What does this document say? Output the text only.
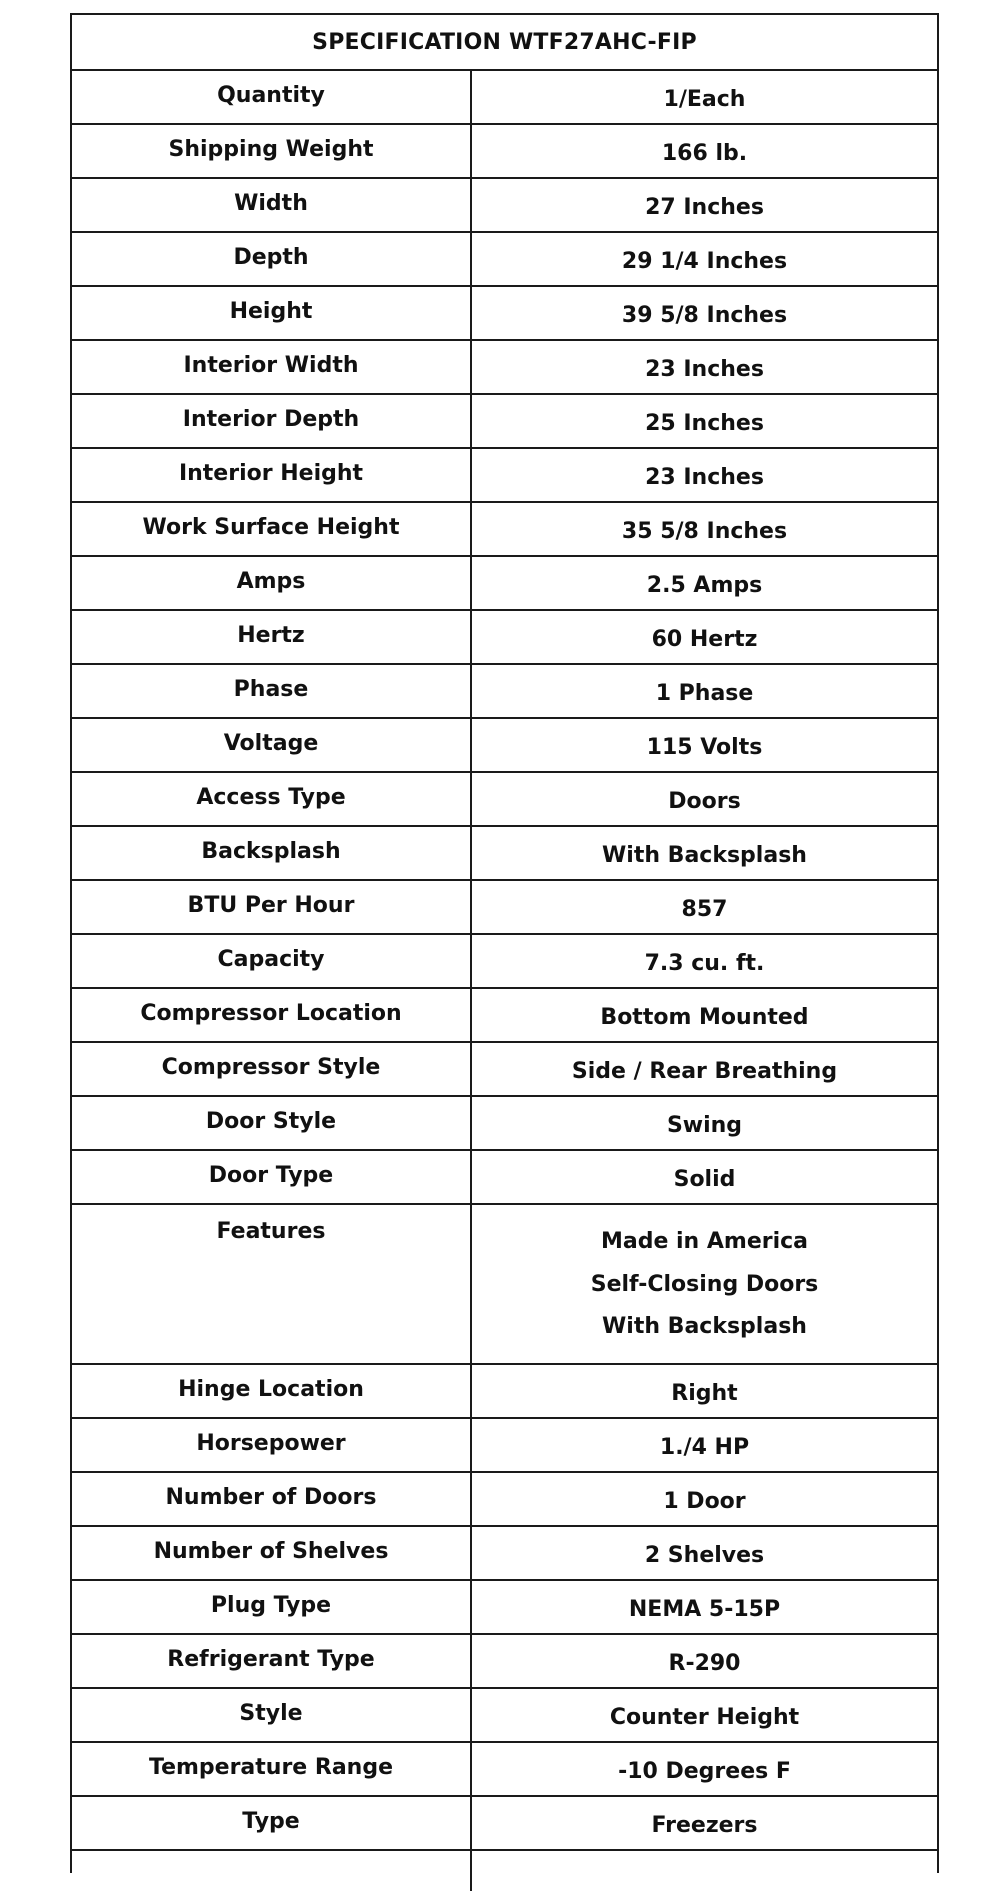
SPECIFICATION WTF27AHC-FIP
Quantity	1/Each
Shipping Weight	166 lb.
Width	27 Inches
Depth	29 1/4 Inches
Height	39 5/8 Inches
Interior Width	23 Inches
Interior Depth	25 Inches
Interior Height	23 Inches
Work Surface Height	35 5/8 Inches
Amps	2.5 Amps
Hertz	60 Hertz
Phase	1 Phase
Voltage	115 Volts
Access Type	Doors
Backsplash	With Backsplash
BTU Per Hour	857
Capacity	7.3 cu. ft.
Compressor Location	Bottom Mounted
Compressor Style	Side / Rear Breathing
Door Style	Swing
Door Type	Solid
Features	Made in America
Self-Closing Doors
With Backsplash
Hinge Location	Right
Horsepower	1./4 HP
Number of Doors	1 Door
Number of Shelves	2 Shelves
Plug Type	NEMA 5-15P
Refrigerant Type	R-290
Style	Counter Height
Temperature Range	-10 Degrees F
Type	Freezers
